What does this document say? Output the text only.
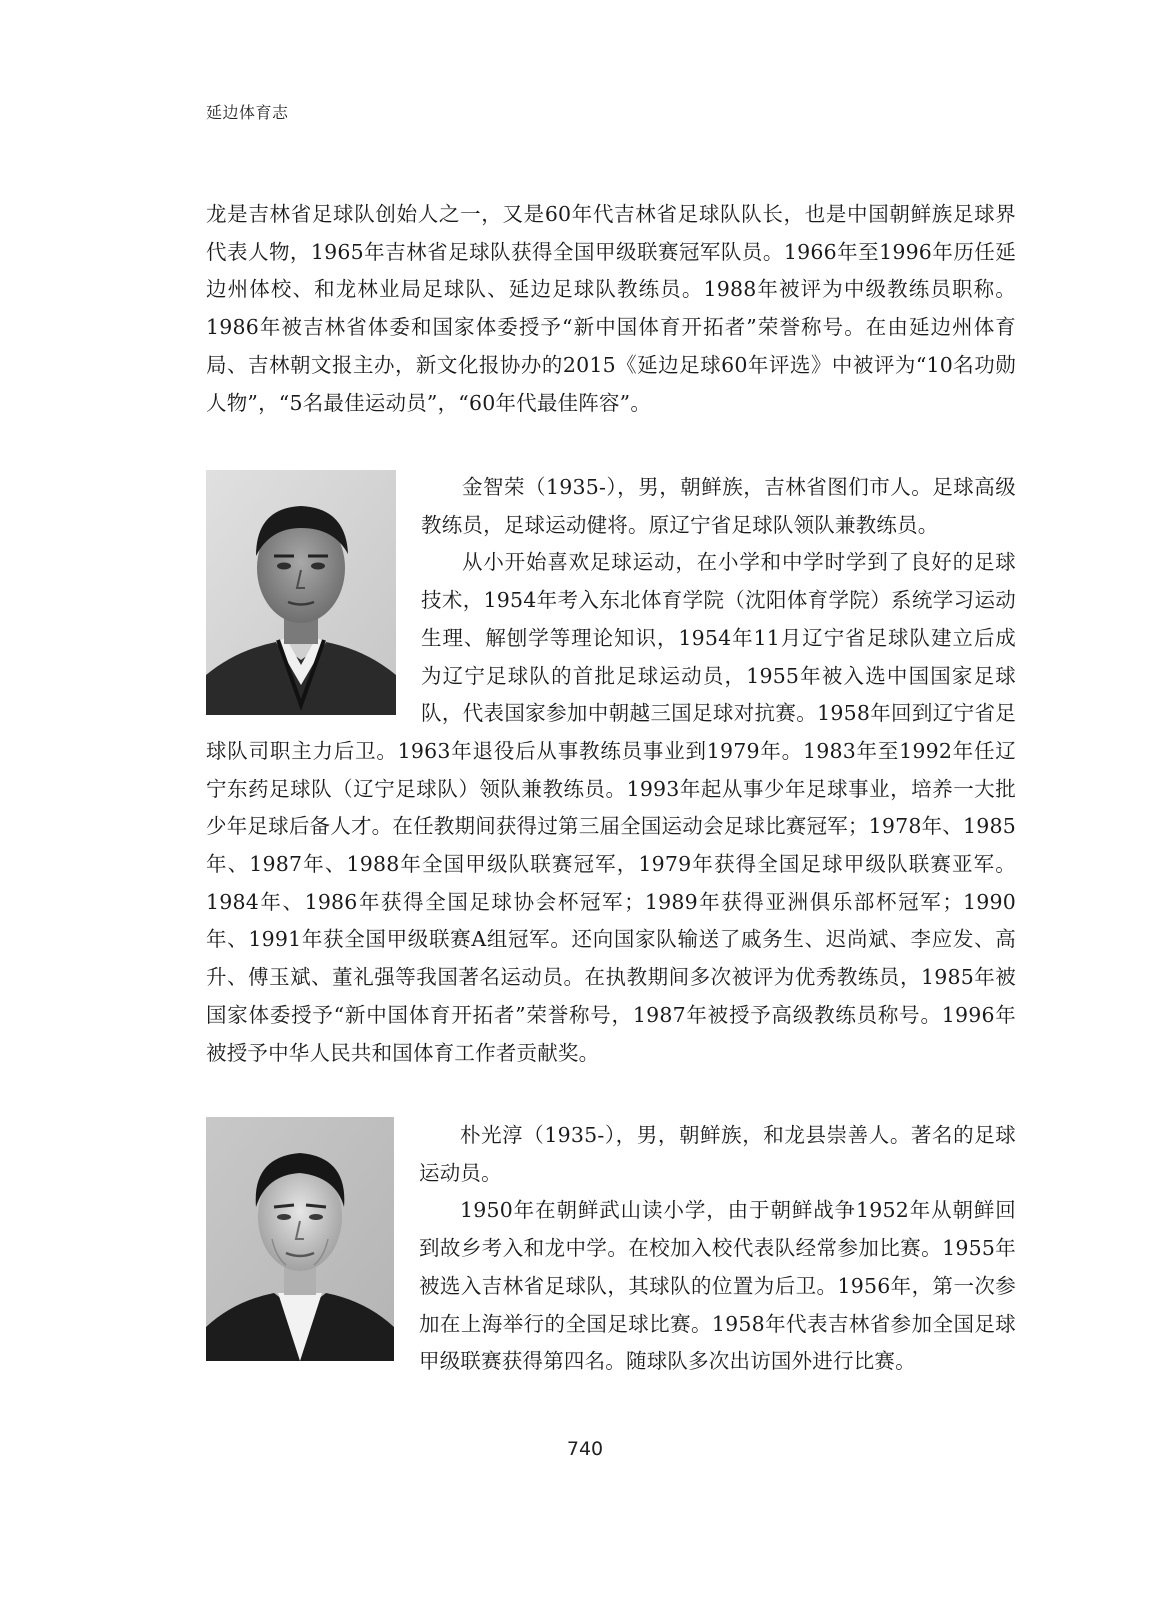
延边体育志

龙是吉林省足球队创始人之一，又是60年代吉林省足球队队长，也是中国朝鲜族足球界代表人物，1965年吉林省足球队获得全国甲级联赛冠军队员。1966年至1996年历任延边州体校、和龙林业局足球队、延边足球队教练员。1988年被评为中级教练员职称。1986年被吉林省体委和国家体委授予“新中国体育开拓者”荣誉称号。在由延边州体育局、吉林朝文报主办，新文化报协办的2015《延边足球60年评选》中被评为“10名功勋人物”，“5名最佳运动员”，“60年代最佳阵容”。

金智荣（1935-），男，朝鲜族，吉林省图们市人。足球高级教练员，足球运动健将。原辽宁省足球队领队兼教练员。

从小开始喜欢足球运动，在小学和中学时学到了良好的足球技术，1954年考入东北体育学院（沈阳体育学院）系统学习运动生理、解刨学等理论知识，1954年11月辽宁省足球队建立后成为辽宁足球队的首批足球运动员，1955年被入选中国国家足球队，代表国家参加中朝越三国足球对抗赛。1958年回到辽宁省足球队司职主力后卫。1963年退役后从事教练员事业到1979年。1983年至1992年任辽宁东药足球队（辽宁足球队）领队兼教练员。1993年起从事少年足球事业，培养一大批少年足球后备人才。在任教期间获得过第三届全国运动会足球比赛冠军；1978年、1985年、1987年、1988年全国甲级队联赛冠军，1979年获得全国足球甲级队联赛亚军。1984年、1986年获得全国足球协会杯冠军；1989年获得亚洲俱乐部杯冠军；1990年、1991年获全国甲级联赛A组冠军。还向国家队输送了戚务生、迟尚斌、李应发、高升、傅玉斌、董礼强等我国著名运动员。在执教期间多次被评为优秀教练员，1985年被国家体委授予“新中国体育开拓者”荣誉称号，1987年被授予高级教练员称号。1996年被授予中华人民共和国体育工作者贡献奖。

朴光淳（1935-），男，朝鲜族，和龙县崇善人。著名的足球运动员。

1950年在朝鲜武山读小学，由于朝鲜战争1952年从朝鲜回到故乡考入和龙中学。在校加入校代表队经常参加比赛。1955年被选入吉林省足球队，其球队的位置为后卫。1956年，第一次参加在上海举行的全国足球比赛。1958年代表吉林省参加全国足球甲级联赛获得第四名。随球队多次出访国外进行比赛。

740
